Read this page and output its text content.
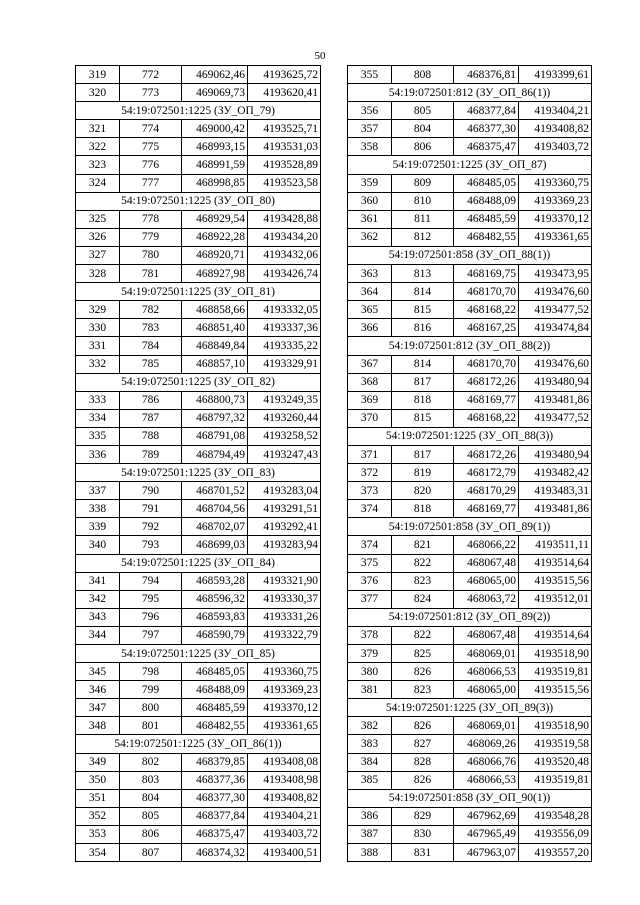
50
319	772	469062,46	4193625,72
320	773	469069,73	4193620,41
54:19:072501:1225 (ЗУ_ОП_79)			
321	774	469000,42	4193525,71
322	775	468993,15	4193531,03
323	776	468991,59	4193528,89
324	777	468998,85	4193523,58
54:19:072501:1225 (ЗУ_ОП_80)			
325	778	468929,54	4193428,88
326	779	468922,28	4193434,20
327	780	468920,71	4193432,06
328	781	468927,98	4193426,74
54:19:072501:1225 (ЗУ_ОП_81)			
329	782	468858,66	4193332,05
330	783	468851,40	4193337,36
331	784	468849,84	4193335,22
332	785	468857,10	4193329,91
54:19:072501:1225 (ЗУ_ОП_82)			
333	786	468800,73	4193249,35
334	787	468797,32	4193260,44
335	788	468791,08	4193258,52
336	789	468794,49	4193247,43
54:19:072501:1225 (ЗУ_ОП_83)			
337	790	468701,52	4193283,04
338	791	468704,56	4193291,51
339	792	468702,07	4193292,41
340	793	468699,03	4193283,94
54:19:072501:1225 (ЗУ_ОП_84)			
341	794	468593,28	4193321,90
342	795	468596,32	4193330,37
343	796	468593,83	4193331,26
344	797	468590,79	4193322,79
54:19:072501:1225 (ЗУ_ОП_85)			
345	798	468485,05	4193360,75
346	799	468488,09	4193369,23
347	800	468485,59	4193370,12
348	801	468482,55	4193361,65
54:19:072501:1225 (ЗУ_ОП_86(1))			
349	802	468379,85	4193408,08
350	803	468377,36	4193408,98
351	804	468377,30	4193408,82
352	805	468377,84	4193404,21
353	806	468375,47	4193403,72
354	807	468374,32	4193400,51
355	808	468376,81	4193399,61
54:19:072501:812 (ЗУ_ОП_86(1))			
356	805	468377,84	4193404,21
357	804	468377,30	4193408,82
358	806	468375,47	4193403,72
54:19:072501:1225 (ЗУ_ОП_87)			
359	809	468485,05	4193360,75
360	810	468488,09	4193369,23
361	811	468485,59	4193370,12
362	812	468482,55	4193361,65
54:19:072501:858 (ЗУ_ОП_88(1))			
363	813	468169,75	4193473,95
364	814	468170,70	4193476,60
365	815	468168,22	4193477,52
366	816	468167,25	4193474,84
54:19:072501:812 (ЗУ_ОП_88(2))			
367	814	468170,70	4193476,60
368	817	468172,26	4193480,94
369	818	468169,77	4193481,86
370	815	468168,22	4193477,52
54:19:072501:1225 (ЗУ_ОП_88(3))			
371	817	468172,26	4193480,94
372	819	468172,79	4193482,42
373	820	468170,29	4193483,31
374	818	468169,77	4193481,86
54:19:072501:858 (ЗУ_ОП_89(1))			
374	821	468066,22	4193511,11
375	822	468067,48	4193514,64
376	823	468065,00	4193515,56
377	824	468063,72	4193512,01
54:19:072501:812 (ЗУ_ОП_89(2))			
378	822	468067,48	4193514,64
379	825	468069,01	4193518,90
380	826	468066,53	4193519,81
381	823	468065,00	4193515,56
54:19:072501:1225 (ЗУ_ОП_89(3))			
382	826	468069,01	4193518,90
383	827	468069,26	4193519,58
384	828	468066,76	4193520,48
385	826	468066,53	4193519,81
54:19:072501:858 (ЗУ_ОП_90(1))			
386	829	467962,69	4193548,28
387	830	467965,49	4193556,09
388	831	467963,07	4193557,20
